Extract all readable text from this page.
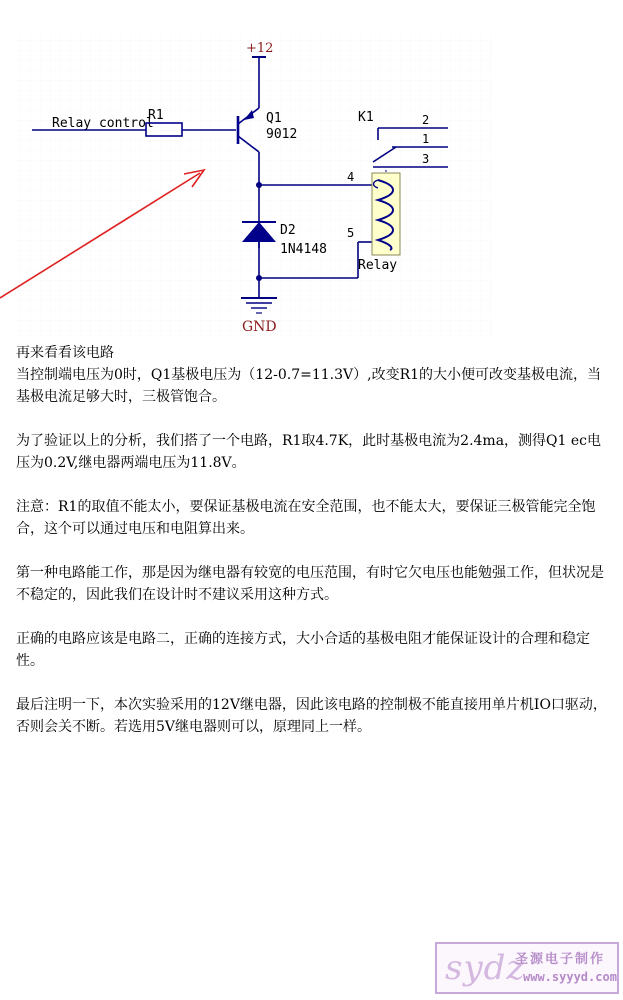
+12
Relay_control
R1	Q1
9012
4
D2
1N4148
5
GND
K1
Relay
2
1
3

再来看看该电路

当控制端电压为0时，Q1基极电压为（12-0.7=11.3V）,改变R1的大小便可改变基极电流，当基极电流足够大时，三极管饱合。

为了验证以上的分析，我们搭了一个电路，R1取4.7K，此时基极电流为2.4ma，测得Q1 ec电压为0.2V,继电器两端电压为11.8V。

注意：R1的取值不能太小，要保证基极电流在安全范围，也不能太大，要保证三极管能完全饱合，这个可以通过电压和电阻算出来。

第一种电路能工作，那是因为继电器有较宽的电压范围，有时它欠电压也能勉强工作，但状况是不稳定的，因此我们在设计时不建议采用这种方式。

正确的电路应该是电路二，正确的连接方式，大小合适的基极电阻才能保证设计的合理和稳定性。

最后注明一下，本次实验采用的12V继电器，因此该电路的控制极不能直接用单片机IO口驱动，否则会关不断。若选用5V继电器则可以，原理同上一样。

sydz
圣源电子制作
www.syyyd.com
